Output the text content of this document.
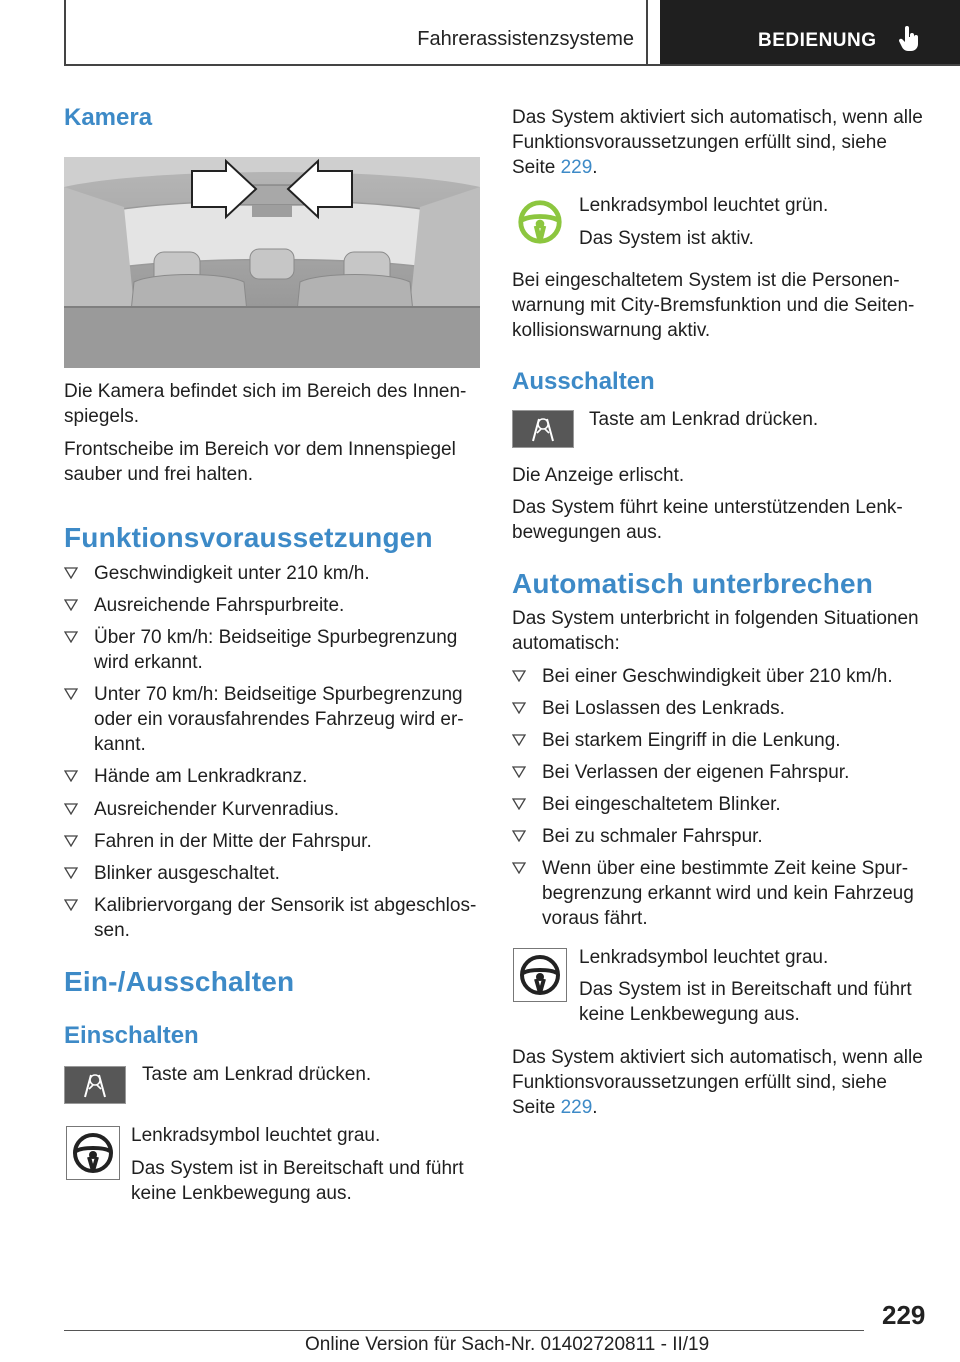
Fahrerassistenzsysteme	BEDIENUNG
Kamera
Die Kamera befindet sich im Bereich des Innen‐
spiegels.
Frontscheibe im Bereich vor dem Innenspiegel
sauber und frei halten.
Funktionsvoraussetzungen
Geschwindigkeit unter 210 km/h.
Ausreichende Fahrspurbreite.
Über 70 km/h: Beidseitige Spurbegrenzung
wird erkannt.
Unter 70 km/h: Beidseitige Spurbegrenzung
oder ein vorausfahrendes Fahrzeug wird er‐
kannt.
Hände am Lenkradkranz.
Ausreichender Kurvenradius.
Fahren in der Mitte der Fahrspur.
Blinker ausgeschaltet.
Kalibriervorgang der Sensorik ist abgeschlos‐
sen.
Ein-/Ausschalten
Einschalten
Taste am Lenkrad drücken.
Lenkradsymbol leuchtet grau.
Das System ist in Bereitschaft und führt
keine Lenkbewegung aus.
Das System aktiviert sich automatisch, wenn alle
Funktionsvoraussetzungen erfüllt sind, siehe
Seite 229.
Lenkradsymbol leuchtet grün.
Das System ist aktiv.
Bei eingeschaltetem System ist die Personen‐
warnung mit City-Bremsfunktion und die Seiten‐
kollisionswarnung aktiv.
Ausschalten
Taste am Lenkrad drücken.
Die Anzeige erlischt.
Das System führt keine unterstützenden Lenk‐
bewegungen aus.
Automatisch unterbrechen
Das System unterbricht in folgenden Situationen
automatisch:
Bei einer Geschwindigkeit über 210 km/h.
Bei Loslassen des Lenkrads.
Bei starkem Eingriff in die Lenkung.
Bei Verlassen der eigenen Fahrspur.
Bei eingeschaltetem Blinker.
Bei zu schmaler Fahrspur.
Wenn über eine bestimmte Zeit keine Spur‐
begrenzung erkannt wird und kein Fahrzeug
voraus fährt.
Lenkradsymbol leuchtet grau.
Das System ist in Bereitschaft und führt
keine Lenkbewegung aus.
Das System aktiviert sich automatisch, wenn alle
Funktionsvoraussetzungen erfüllt sind, siehe
Seite 229.
229
Online Version für Sach-Nr. 01402720811 - II/19
